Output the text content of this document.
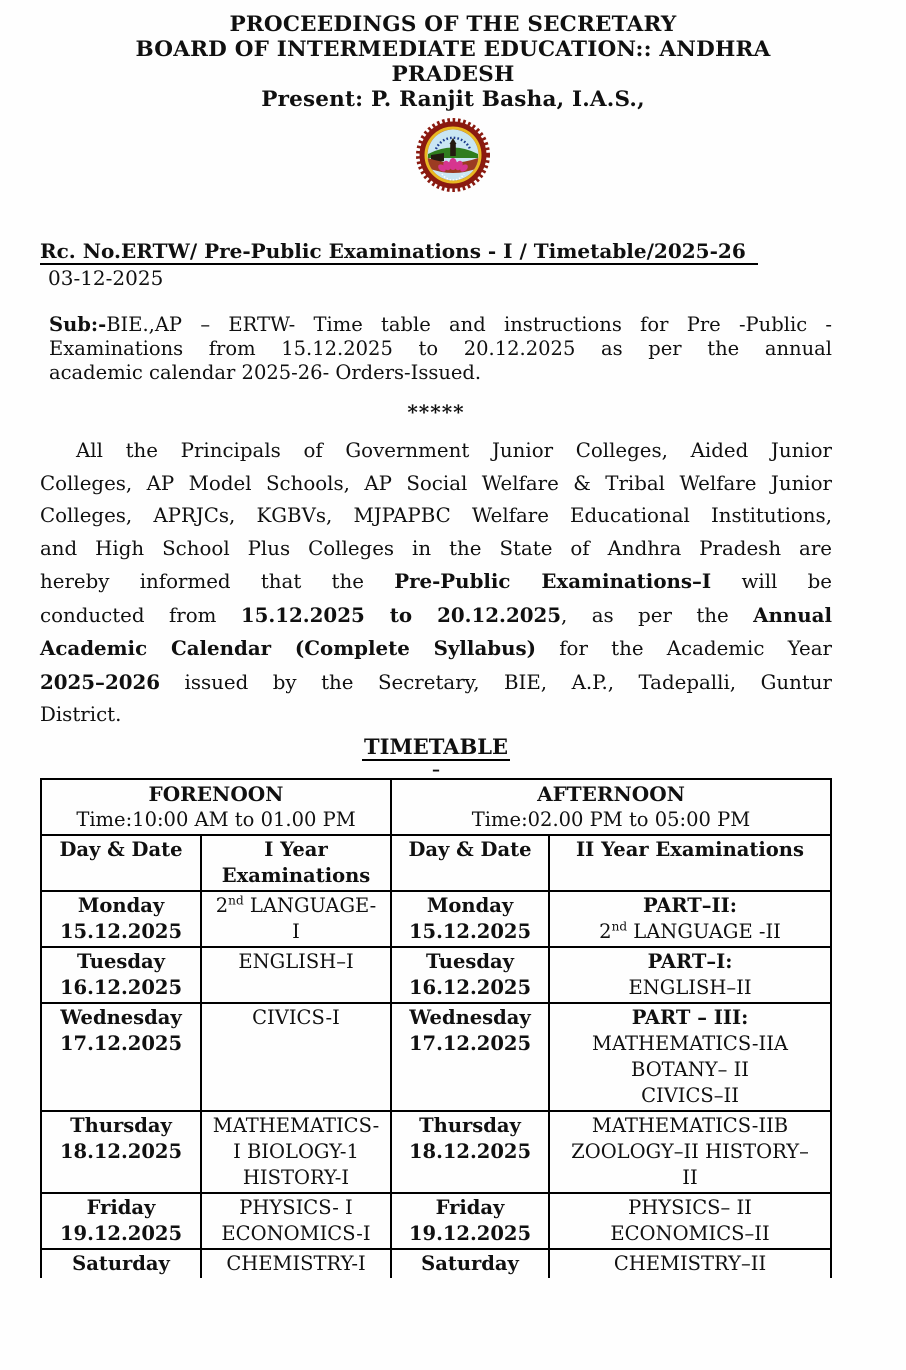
PROCEEDINGS OF THE SECRETARY
BOARD OF INTERMEDIATE EDUCATION:: ANDHRA
PRADESH
Present: P. Ranjit Basha, I.A.S.,
Rc. No.ERTW/ Pre-Public Examinations - I / Timetable/2025-26
03-12-2025
Sub:-BIE.,AP – ERTW- Time table and instructions for Pre -Public -
Examinations from 15.12.2025 to 20.12.2025 as per the annual
academic calendar 2025-26- Orders-Issued.
*****
All the Principals of Government Junior Colleges, Aided Junior
Colleges, AP Model Schools, AP Social Welfare & Tribal Welfare Junior
Colleges, APRJCs, KGBVs, MJPAPBC Welfare Educational Institutions,
and High School Plus Colleges in the State of Andhra Pradesh are
hereby informed that the Pre-Public Examinations–I will be
conducted from 15.12.2025 to 20.12.2025, as per the Annual
Academic Calendar (Complete Syllabus) for the Academic Year
2025–2026 issued by the Secretary, BIE, A.P., Tadepalli, Guntur
District.
TIMETABLE
–
FORENOON
Time:10:00 AM to 01.00 PM

AFTERNOON
Time:02.00 PM to 05:00 PM

Day & Date	I Year Examinations	Day & Date	II Year Examinations
Monday
15.12.2025	2nd LANGUAGE-
I	Monday
15.12.2025	PART–II:
2nd LANGUAGE -II
Tuesday
16.12.2025	ENGLISH–I	Tuesday
16.12.2025	PART–I:
ENGLISH–II
Wednesday
17.12.2025	CIVICS-I	Wednesday
17.12.2025	PART – III:
MATHEMATICS-IIA
BOTANY– II
CIVICS–II
Thursday
18.12.2025	MATHEMATICS-
I BIOLOGY-1
HISTORY-I	Thursday
18.12.2025	MATHEMATICS-IIB
ZOOLOGY–II HISTORY–
II
Friday
19.12.2025	PHYSICS- I
ECONOMICS-I	Friday
19.12.2025	PHYSICS– II
ECONOMICS–II
Saturday	CHEMISTRY-I	Saturday	CHEMISTRY–II
